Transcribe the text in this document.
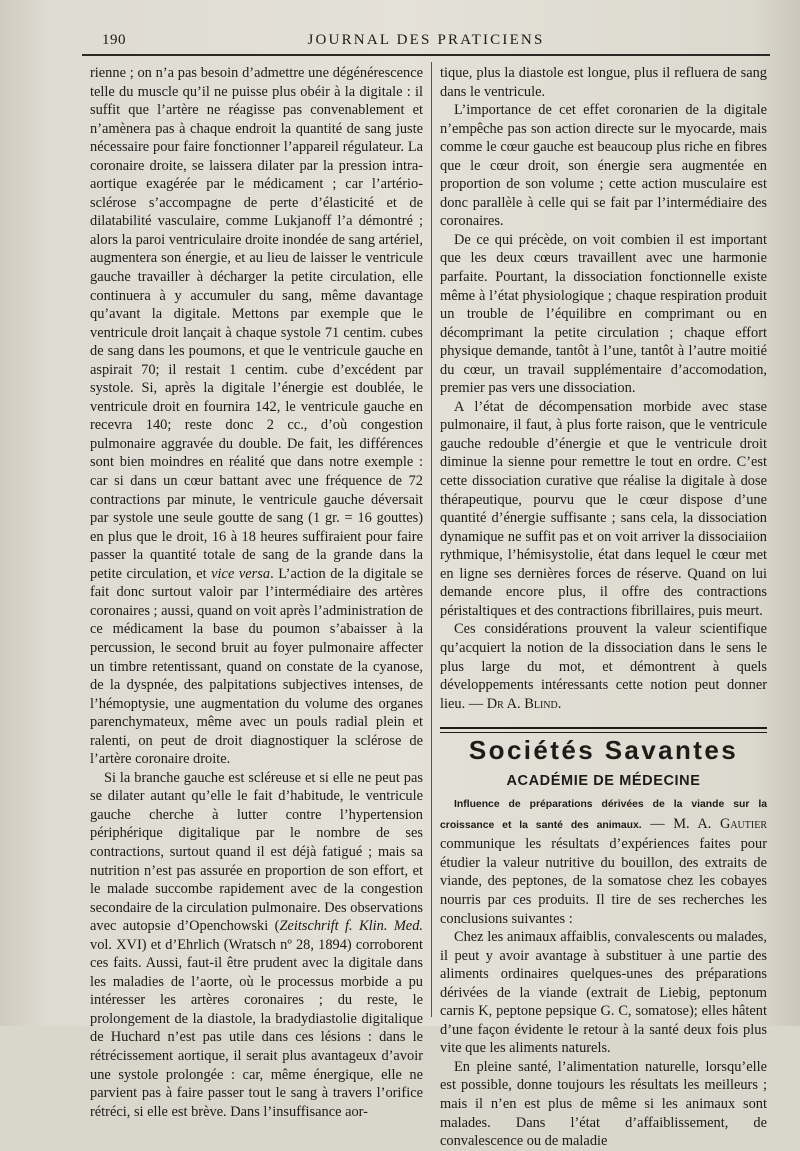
190	JOURNAL DES PRATICIENS

rienne ; on n’a pas besoin d’admettre une dégénérescence telle du muscle qu’il ne puisse plus obéir à la digitale : il suffit que l’artère ne réagisse pas convenablement et n’amènera pas à chaque endroit la quantité de sang juste nécessaire pour faire fonctionner l’appareil régulateur. La coronaire droite, se laissera dilater par la pression intra-aortique exagérée par le médicament ; car l’artério-sclérose s’accompagne de perte d’élasticité et de dilatabilité vasculaire, comme Lukjanoff l’a démontré ; alors la paroi ventriculaire droite inondée de sang artériel, augmentera son énergie, et au lieu de laisser le ventricule gauche travailler à décharger la petite circulation, elle continuera à y accumuler du sang, même davantage qu’avant la digitale. Mettons par exemple que le ventricule droit lançait à chaque systole 71 centim. cubes de sang dans les poumons, et que le ventricule gauche en aspirait 70; il restait 1 centim. cube d’excédent par systole. Si, après la digitale l’énergie est doublée, le ventricule droit en fournira 142, le ventricule gauche en recevra 140; reste donc 2 cc., d’où congestion pulmonaire aggravée du double. De fait, les différences sont bien moindres en réalité que dans notre exemple : car si dans un cœur battant avec une fréquence de 72 contractions par minute, le ventricule gauche déversait par systole une seule goutte de sang (1 gr. = 16 gouttes) en plus que le droit, 16 à 18 heures suffiraient pour faire passer la quantité totale de sang de la grande dans la petite circulation, et vice versa. L’action de la digitale se fait donc surtout valoir par l’intermédiaire des artères coronaires ; aussi, quand on voit après l’administration de ce médicament la base du poumon s’abaisser à la percussion, le second bruit au foyer pulmonaire affecter un timbre retentissant, quand on constate de la cyanose, de la dyspnée, des palpitations subjectives intenses, de l’hémoptysie, une augmentation du volume des organes parenchymateux, même avec un pouls radial plein et ralenti, on peut de droit diagnostiquer la sclérose de l’artère coronaire droite.

Si la branche gauche est scléreuse et si elle ne peut pas se dilater autant qu’elle le fait d’habitude, le ventricule gauche cherche à lutter contre l’hypertension périphérique digitalique par le nombre de ses contractions, surtout quand il est déjà fatigué ; mais sa nutrition n’est pas assurée en proportion de son effort, et le malade succombe rapidement avec de la congestion secondaire de la circulation pulmonaire. Des observations avec autopsie d’Openchowski (Zeitschrift f. Klin. Med. vol. XVI) et d’Ehrlich (Wratsch nº 28, 1894) corroborent ces faits. Aussi, faut-il être prudent avec la digitale dans les maladies de l’aorte, où le processus morbide a pu intéresser les artères coronaires ; du reste, le prolongement de la diastole, la bradydiastolie digitalique de Huchard n’est pas utile dans ces lésions : dans le rétrécissement aortique, il serait plus avantageux d’avoir une systole prolongée : car, même énergique, elle ne parvient pas à faire passer tout le sang à travers l’orifice rétréci, si elle est brève. Dans l’insuffisance aor-

tique, plus la diastole est longue, plus il refluera de sang dans le ventricule.

L’importance de cet effet coronarien de la digitale n’empêche pas son action directe sur le myocarde, mais comme le cœur gauche est beaucoup plus riche en fibres que le cœur droit, son énergie sera augmentée en proportion de son volume ; cette action musculaire est donc parallèle à celle qui se fait par l’intermédiaire des coronaires.

De ce qui précède, on voit combien il est important que les deux cœurs travaillent avec une harmonie parfaite. Pourtant, la dissociation fonctionnelle existe même à l’état physiologique ; chaque respiration produit un trouble de l’équilibre en comprimant ou en décomprimant la petite circulation ; chaque effort physique demande, tantôt à l’une, tantôt à l’autre moitié du cœur, un travail supplémentaire d’accomodation, premier pas vers une dissociation.

A l’état de décompensation morbide avec stase pulmonaire, il faut, à plus forte raison, que le ventricule gauche redouble d’énergie et que le ventricule droit diminue la sienne pour remettre le tout en ordre. C’est cette dissociation curative que réalise la digitale à dose thérapeutique, pourvu que le cœur dispose d’une quantité d’énergie suffisante ; sans cela, la dissociation dynamique ne suffit pas et on voit arriver la dissociaiion rythmique, l’hémisystolie, état dans lequel le cœur met en ligne ses dernières forces de réserve. Quand on lui demande encore plus, il offre des contractions péristaltiques et des contractions fibrillaires, puis meurt.

Ces considérations prouvent la valeur scientifique qu’acquiert la notion de la dissociation dans le sens le plus large du mot, et démontrent à quels développements intéressants cette notion peut donner lieu. — Dr A. Blind.

Sociétés Savantes
ACADÉMIE DE MÉDECINE

Influence de préparations dérivées de la viande sur la croissance et la santé des animaux. — M. A. Gautier communique les résultats d’expériences faites pour étudier la valeur nutritive du bouillon, des extraits de viande, des peptones, de la somatose chez les cobayes nourris par ces produits. Il tire de ses recherches les conclusions suivantes :

Chez les animaux affaiblis, convalescents ou malades, il peut y avoir avantage à substituer à une partie des aliments ordinaires quelques-unes des préparations dérivées de la viande (extrait de Liebig, peptonum carnis K, peptone pepsique G. C, somatose); elles hâtent d’une façon évidente le retour à la santé deux fois plus vite que les aliments naturels.

En pleine santé, l’alimentation naturelle, lorsqu’elle est possible, donne toujours les résultats les meilleurs ; mais il n’en est plus de même si les animaux sont malades. Dans l’état d’affaiblissement, de convalescence ou de maladie
